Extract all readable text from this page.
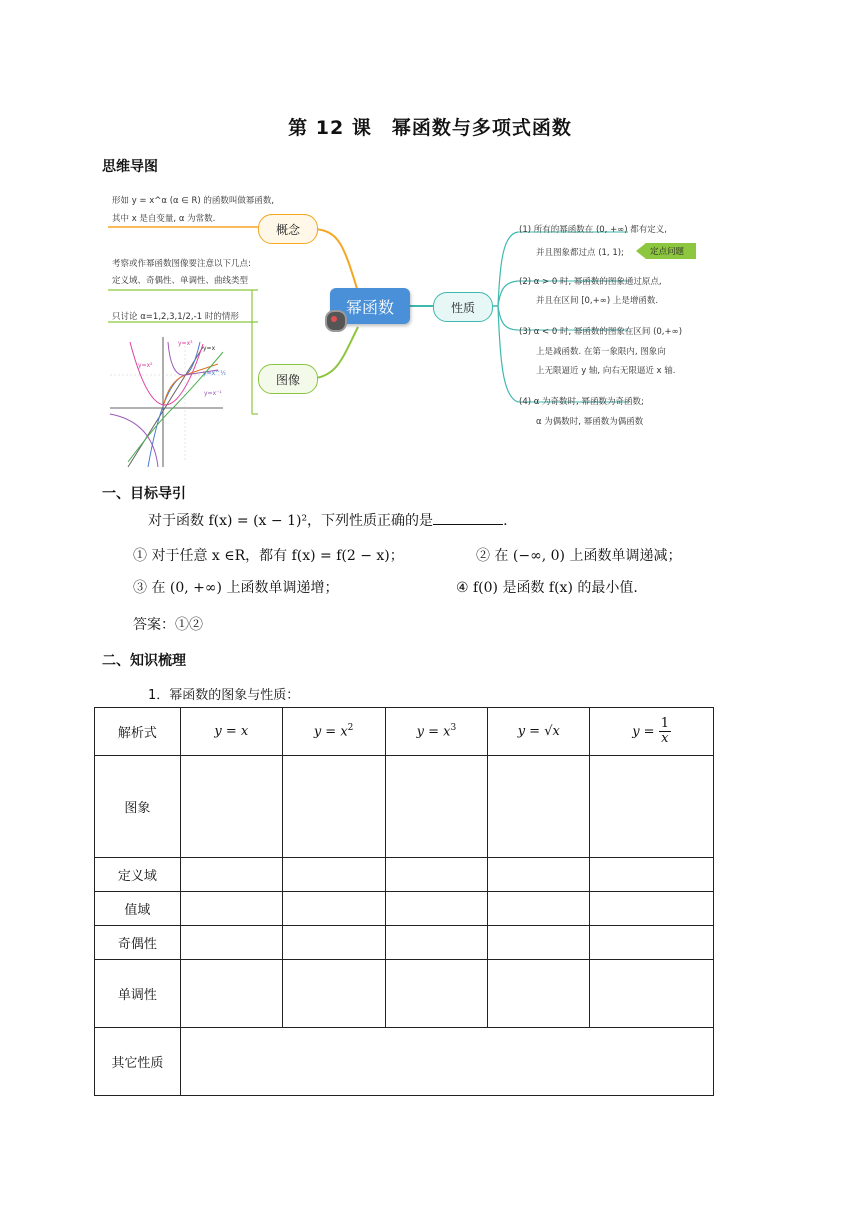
第 12 课　幂函数与多项式函数
思维导图
y=x³
y=x²
y=x
y=x^½
y=x⁻¹
形如 y = x^α (α ∈ R) 的函数叫做幂函数,
其中 x 是自变量, α 为常数.
考察或作幂函数图像要注意以下几点:
定义域、奇偶性、单调性、曲线类型
只讨论 α=1,2,3,1/2,-1 时的情形
概念
图像
幂函数	性质
(1) 所有的幂函数在 (0, +∞) 都有定义,
并且图象都过点 (1, 1);	定点问题
(2) α > 0 时, 幂函数的图象通过原点,
并且在区间 [0,+∞) 上是增函数.
(3) α < 0 时, 幂函数的图象在区间 (0,+∞)
上是减函数. 在第一象限内, 图象向
上无限逼近 y 轴, 向右无限逼近 x 轴.
(4) α 为奇数时, 幂函数为奇函数;
α 为偶数时, 幂函数为偶函数
一、目标导引
对于函数 f(x) = (x − 1)²，下列性质正确的是	.
① 对于任意 x ∈R，都有 f(x) = f(2 − x)；	② 在 (−∞, 0) 上函数单调递减；
③ 在 (0, +∞) 上函数单调递增；	④ f(0) 是函数 f(x) 的最小值.
答案：①②
二、知识梳理
1．幂函数的图象与性质：
解析式	y = x	$y = x^2$	$y = x^3$	y = √x	$y = \frac{1}{x}$

图象					
定义域					
值域					
奇偶性					
单调性					
其它性质					
